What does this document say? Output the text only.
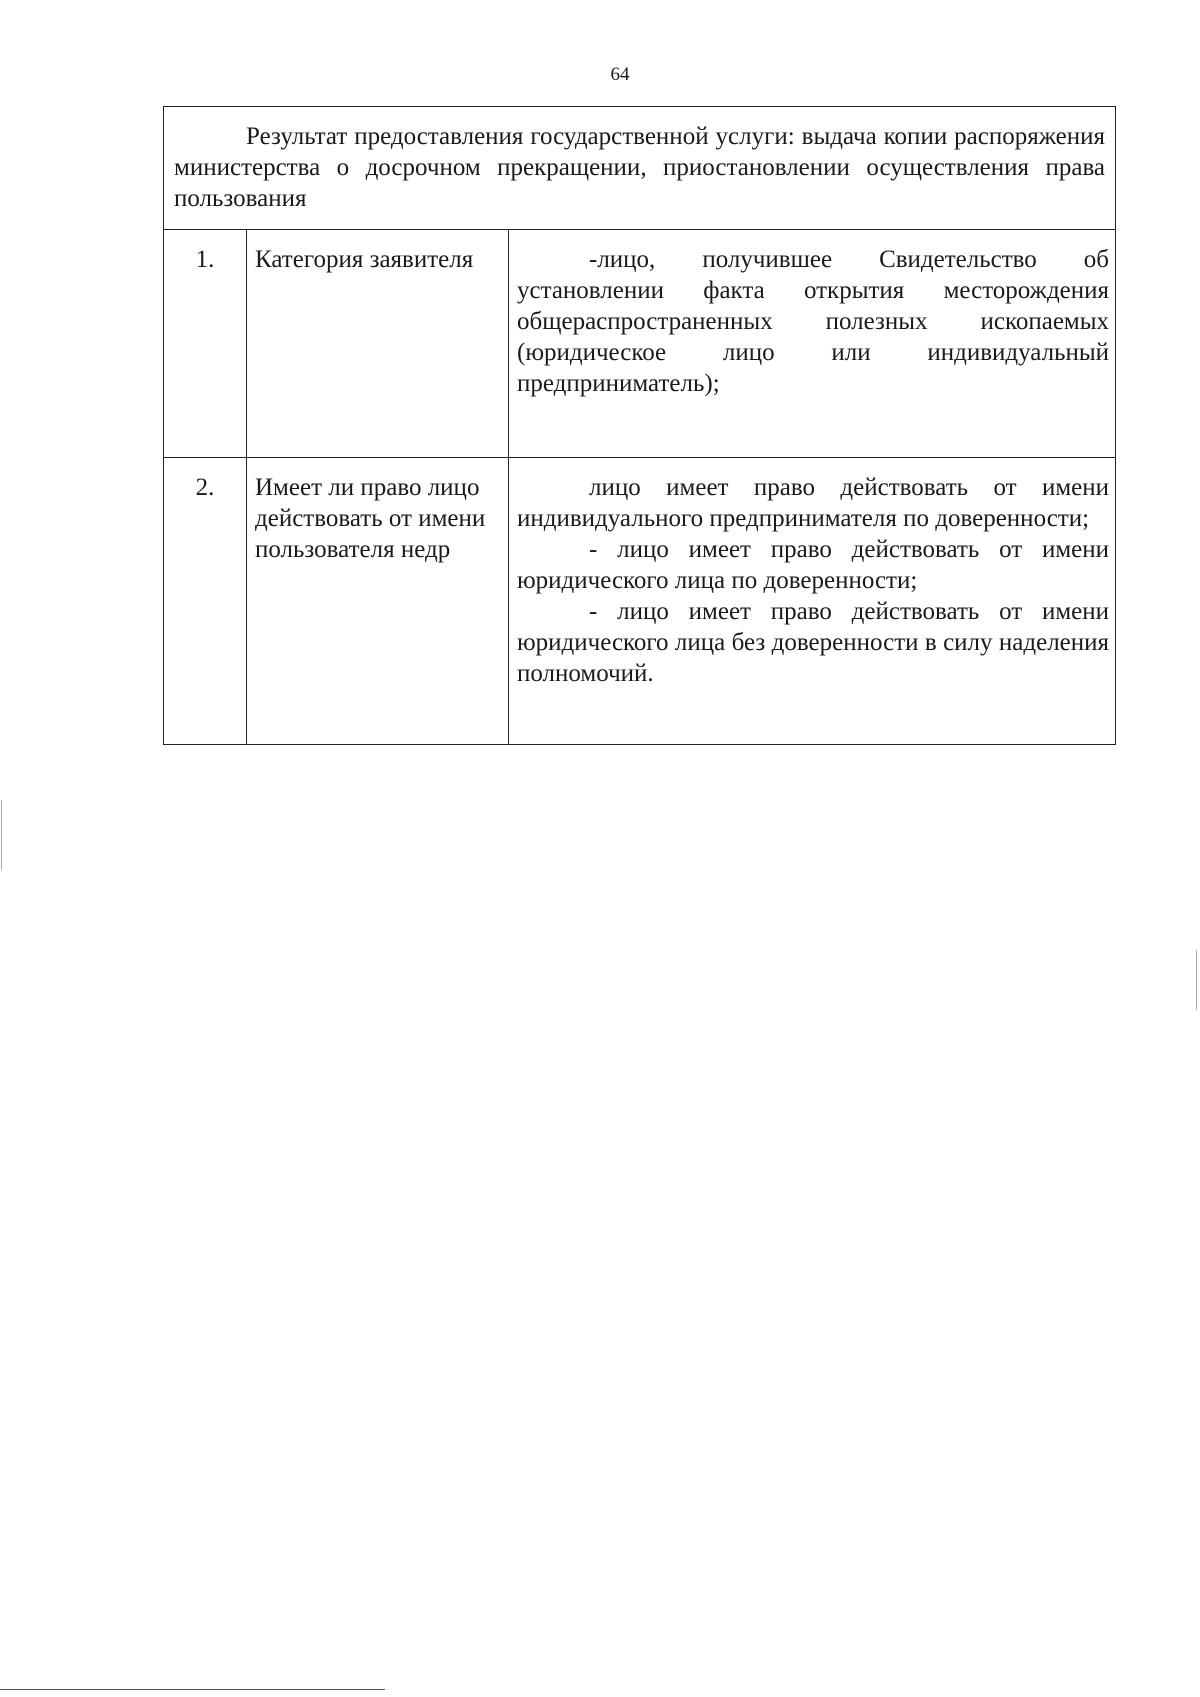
64
Результат предоставления государственной услуги: выдача копии распоряжения министерства о досрочном прекращении, приостановлении осуществления права пользования		
1.	Категория заявителя	-лицо, получившее Свидетельство об установлении факта открытия месторождения общераспространенных полезных ископаемых (юридическое лицо или индивидуальный предприниматель);

2.	Имеет ли право лицо действовать от имени пользователя недр	лицо имеет право действовать от имени индивидуального предпринимателя по доверенности;

- лицо имеет право действовать от имени юридического лица по доверенности;

- лицо имеет право действовать от имени юридического лица без доверенности в силу наделения полномочий.
